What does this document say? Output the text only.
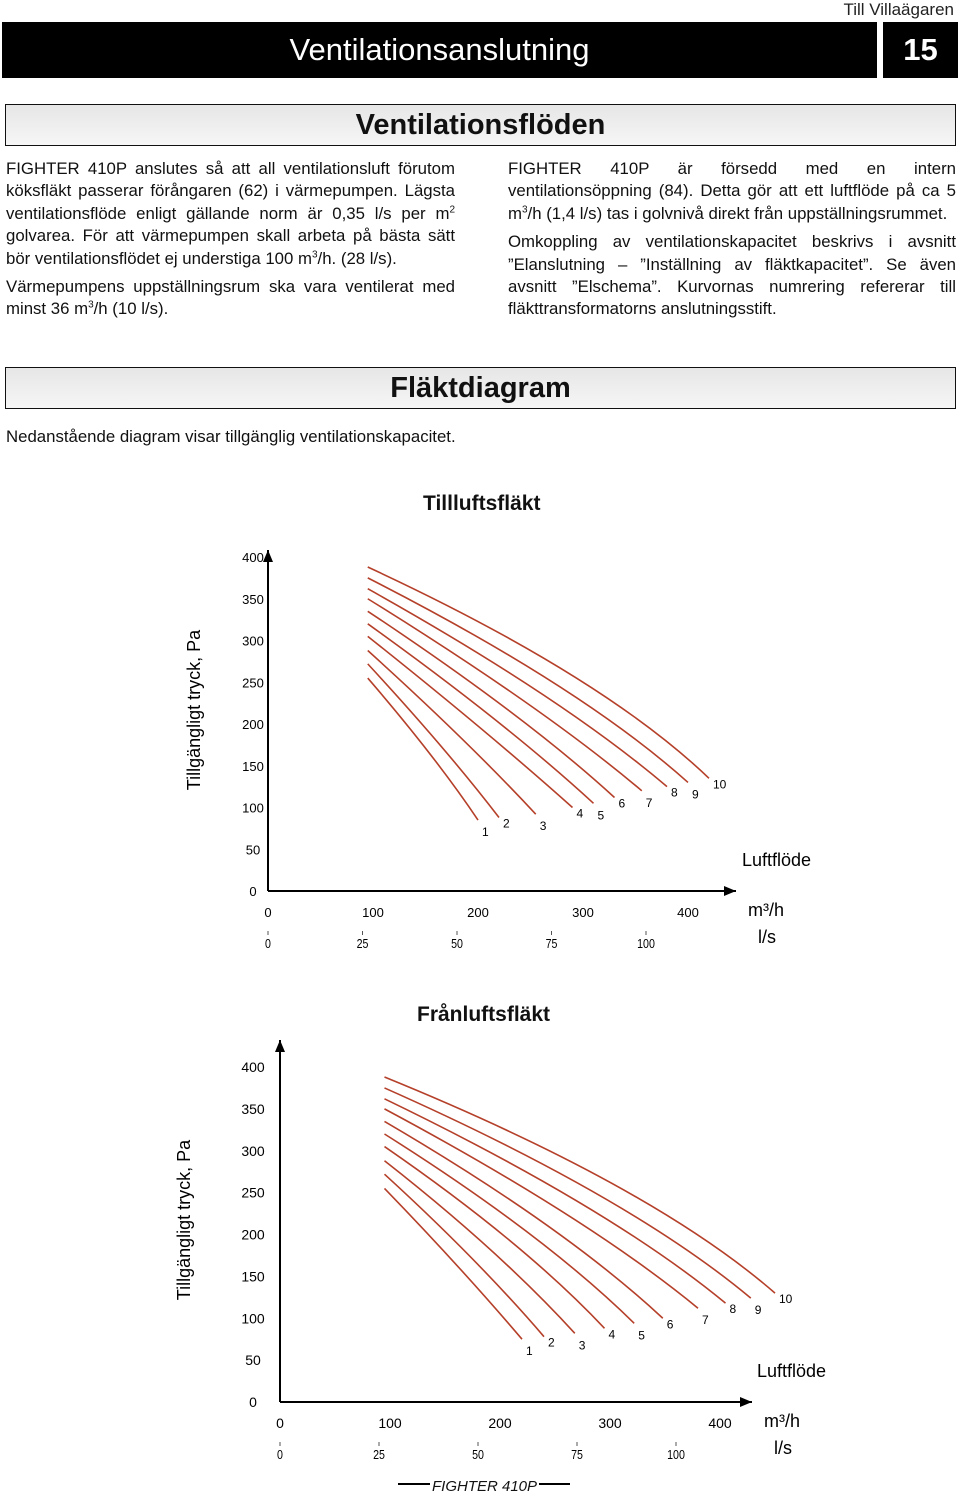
Till Villaägaren
Ventilationsanslutning	15
Ventilationsflöden

FIGHTER 410P anslutes så att all ventilationsluft förutom köksfläkt passerar förångaren (62) i värmepumpen. Lägsta ventilationsflöde enligt gällande norm är 0,35 l/s per $m^2$ golvarea. För att värmepumpen skall arbeta på bästa sätt bör ventilationsflödet ej understiga 100 $m^3/h$. (28 l/s).

Värmepumpens uppställningsrum ska vara ventilerat med minst 36 $m^3/h$ (10 l/s).

FIGHTER 410P är försedd med en intern ventilationsöppning (84). Detta gör att ett luftflöde på ca 5 $m^3/h$ (1,4 l/s) tas i golvnivå direkt från uppställningsrummet.

Omkoppling av ventilationskapacitet beskrivs i avsnitt ”Elanslutning – ”Inställning av fläktkapacitet”. Se även avsnitt ”Elschema”. Kurvornas numrering refererar till fläkttransformatorns anslutningsstift.

Fläktdiagram
Nedanstående diagram visar tillgänglig ventilationskapacitet.
Tillluftsfläkt
400
350
300
250
200
150
100
50
0
Tillgängligt tryck, Pa
0	100	200	300	400
0	25	50	75	100
Luftflöde
m³/h
l/s
1
2	3
4 5
6 7
8 9
10
Frånluftsfläkt
400
350
300
250
200
150
100
50
0
Tillgängligt tryck, Pa
0	100	200	300	400
0	25	50	75	100
Luftflöde
m³/h
l/s
1
2 3
4 5
6 7
8 9
10
FIGHTER 410P
